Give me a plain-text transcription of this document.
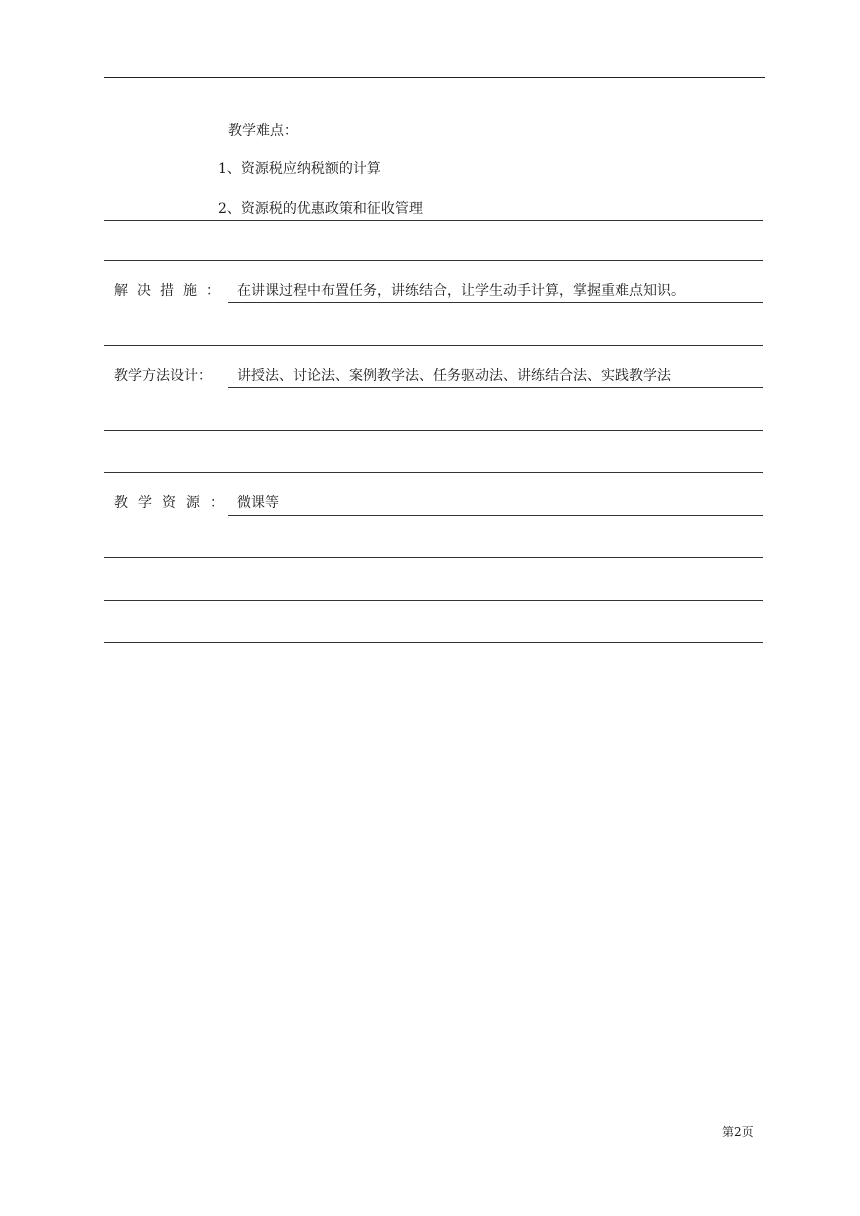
教学难点：
1、资源税应纳税额的计算
2、资源税的优惠政策和征收管理
解决措施： 在讲课过程中布置任务，讲练结合，让学生动手计算，掌握重难点知识。
教学方法设计： 讲授法、讨论法、案例教学法、任务驱动法、讲练结合法、实践教学法
教学资源： 微课等
第2页
